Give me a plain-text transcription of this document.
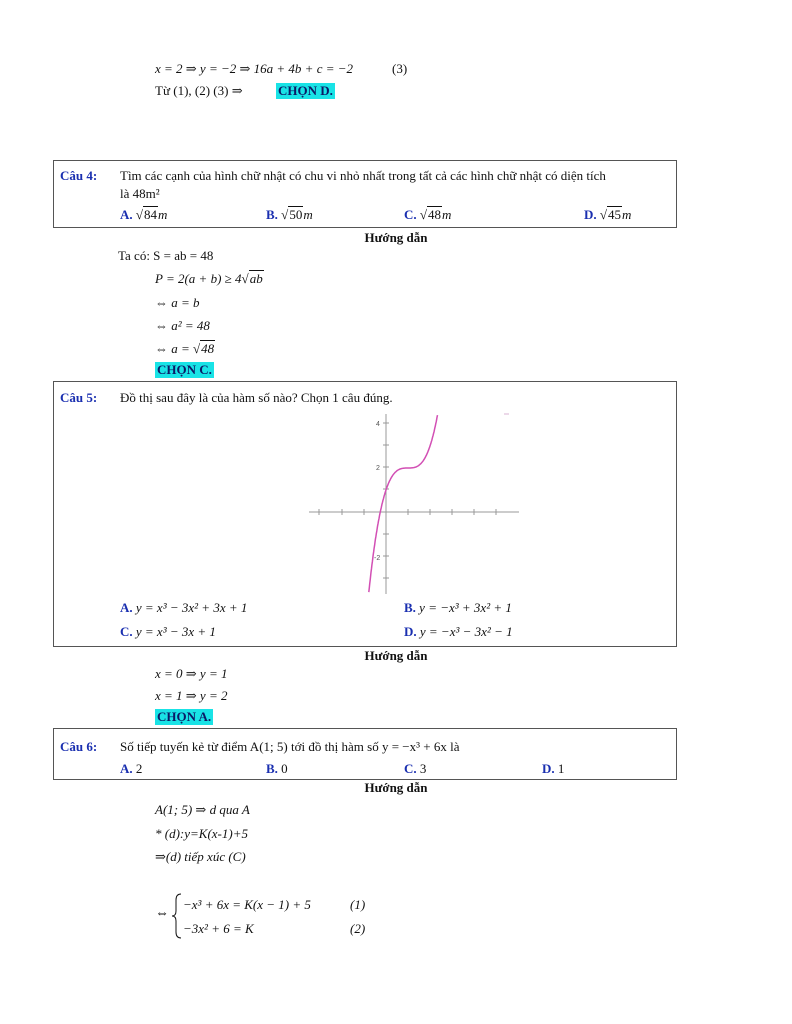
x = 2 ⇒ y = −2 ⇒ 16a + 4b + c = −2	(3)
Từ (1), (2) (3) ⇒	CHỌN D.
Câu 4: Tìm các cạnh của hình chữ nhật có chu vi nhỏ nhất trong tất cả các hình chữ nhật có diện tích
là 48m²
A. √84m	B. √50m	C. √48m	D. √45m
Hướng dẫn
Ta có: S = ab = 48
P = 2(a + b) ≥ 4√ab
⇔ a = b
⇔ a² = 48
⇔ a = √48
CHỌN C.
Câu 5: Đồ thị sau đây là của hàm số nào? Chọn 1 câu đúng.
4
2
-2
A. y = x³ − 3x² + 3x + 1	B. y = −x³ + 3x² + 1
C. y = x³ − 3x + 1	D. y = −x³ − 3x² − 1
Hướng dẫn
x = 0 ⇒ y = 1
x = 1 ⇒ y = 2
CHỌN A.
Câu 6: Số tiếp tuyến kẻ từ điểm A(1; 5) tới đồ thị hàm số y = −x³ + 6x là
A. 2	B. 0	C. 3	D. 1
Hướng dẫn
A(1; 5) ⇒ d qua A
* (d):y=K(x-1)+5
⇒(d) tiếp xúc (C)
⇔
−x³ + 6x = K(x − 1) + 5
−3x² + 6 = K
(1)
(2)
